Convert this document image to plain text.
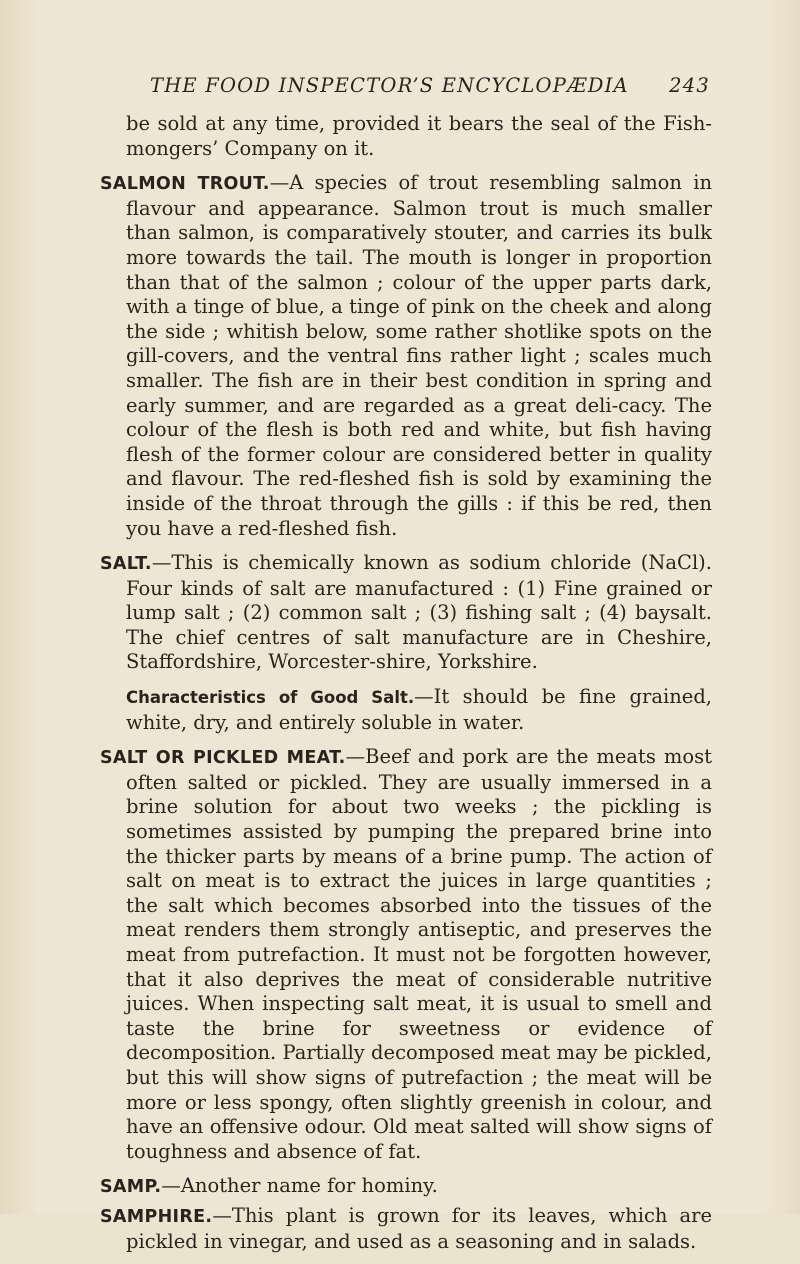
THE FOOD INSPECTOR’S ENCYCLOPÆDIA 243

be sold at any time, provided it bears the seal of the Fish-mongers’ Company on it.

SALMON TROUT.—A species of trout resembling salmon in flavour and appearance. Salmon trout is much smaller than salmon, is comparatively stouter, and carries its bulk more towards the tail. The mouth is longer in proportion than that of the salmon ; colour of the upper parts dark, with a tinge of blue, a tinge of pink on the cheek and along the side ; whitish below, some rather shotlike spots on the gill-covers, and the ventral fins rather light ; scales much smaller. The fish are in their best condition in spring and early summer, and are regarded as a great deli-cacy. The colour of the flesh is both red and white, but fish having flesh of the former colour are considered better in quality and flavour. The red-fleshed fish is sold by examining the inside of the throat through the gills : if this be red, then you have a red-fleshed fish.

SALT.—This is chemically known as sodium chloride (NaCl). Four kinds of salt are manufactured : (1) Fine grained or lump salt ; (2) common salt ; (3) fishing salt ; (4) baysalt. The chief centres of salt manufacture are in Cheshire, Staffordshire, Worcester-shire, Yorkshire.

Characteristics of Good Salt.—It should be fine grained, white, dry, and entirely soluble in water.

SALT OR PICKLED MEAT.—Beef and pork are the meats most often salted or pickled. They are usually immersed in a brine solution for about two weeks ; the pickling is sometimes assisted by pumping the prepared brine into the thicker parts by means of a brine pump. The action of salt on meat is to extract the juices in large quantities ; the salt which becomes absorbed into the tissues of the meat renders them strongly antiseptic, and preserves the meat from putrefaction. It must not be forgotten however, that it also deprives the meat of considerable nutritive juices. When inspecting salt meat, it is usual to smell and taste the brine for sweetness or evidence of decomposition. Partially decomposed meat may be pickled, but this will show signs of putrefaction ; the meat will be more or less spongy, often slightly greenish in colour, and have an offensive odour. Old meat salted will show signs of toughness and absence of fat.

SAMP.—Another name for hominy.

SAMPHIRE.—This plant is grown for its leaves, which are pickled in vinegar, and used as a seasoning and in salads.
